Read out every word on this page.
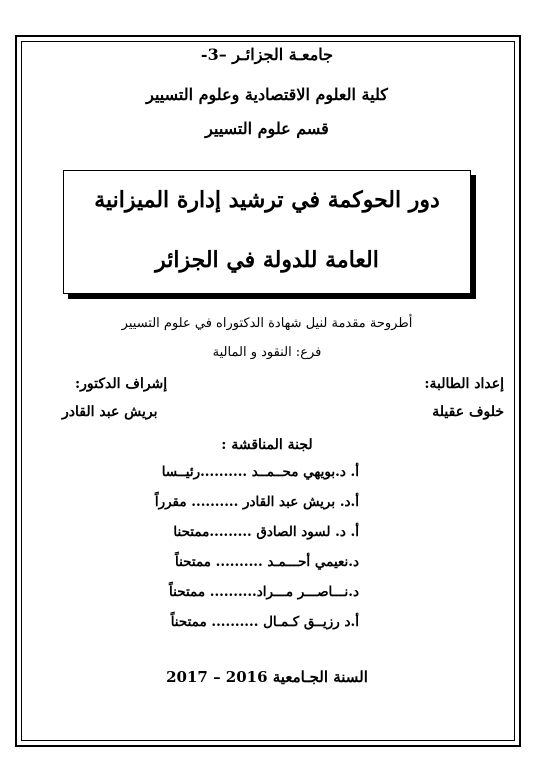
جامعـة الجزائـر –3-
كلية العلوم الاقتصادية وعلوم التسيير
قسم علوم التسيير
دور الحوكمة في ترشيد إدارة الميزانية
العامة للدولة في الجزائر
أطروحة مقدمة لنيل شهادة الدكتوراه في علوم التسيير
فرع: النقود و المالية
إعداد الطالبة:
خلوف عقيلة
إشراف الدكتور:
بريش عبد القادر
لجنة المناقشة :
أ. د.بويهي محــمــد ..........رئيــسا
أ.د. بريش عبد القادر .......... مقرراً
أ. د. لسود الصادق .........ممتحنا
د.نعيمي أحـــمـد .......... ممتحناً
د.نـــاصـــر مـــراد.......... ممتحناً
أ.د رزيــق كـمـال .......... ممتحناً
السنة الجـامعية 2016 – 2017
